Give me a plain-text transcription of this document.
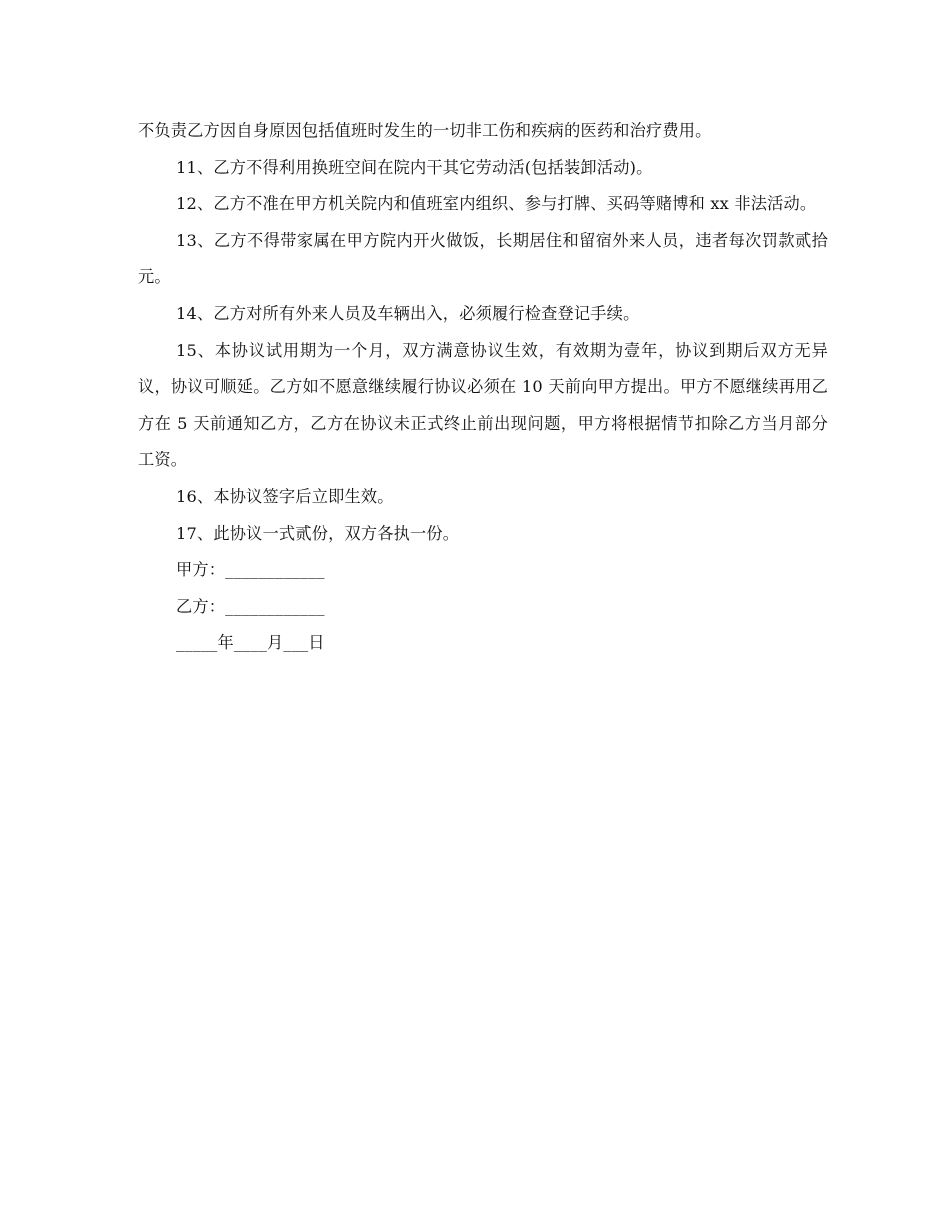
不负责乙方因自身原因包括值班时发生的一切非工伤和疾病的医药和治疗费用。

11、乙方不得利用换班空间在院内干其它劳动活(包括装卸活动)。

12、乙方不准在甲方机关院内和值班室内组织、参与打牌、买码等赌博和 xx 非法活动。

13、乙方不得带家属在甲方院内开火做饭，长期居住和留宿外来人员，违者每次罚款贰拾元。

14、乙方对所有外来人员及车辆出入，必须履行检查登记手续。

15、本协议试用期为一个月，双方满意协议生效，有效期为壹年，协议到期后双方无异议，协议可顺延。乙方如不愿意继续履行协议必须在 10 天前向甲方提出。甲方不愿继续再用乙方在 5 天前通知乙方，乙方在协议未正式终止前出现问题，甲方将根据情节扣除乙方当月部分工资。

16、本协议签字后立即生效。

17、此协议一式贰份，双方各执一份。

甲方：____________

乙方：____________

_____年____月___日
